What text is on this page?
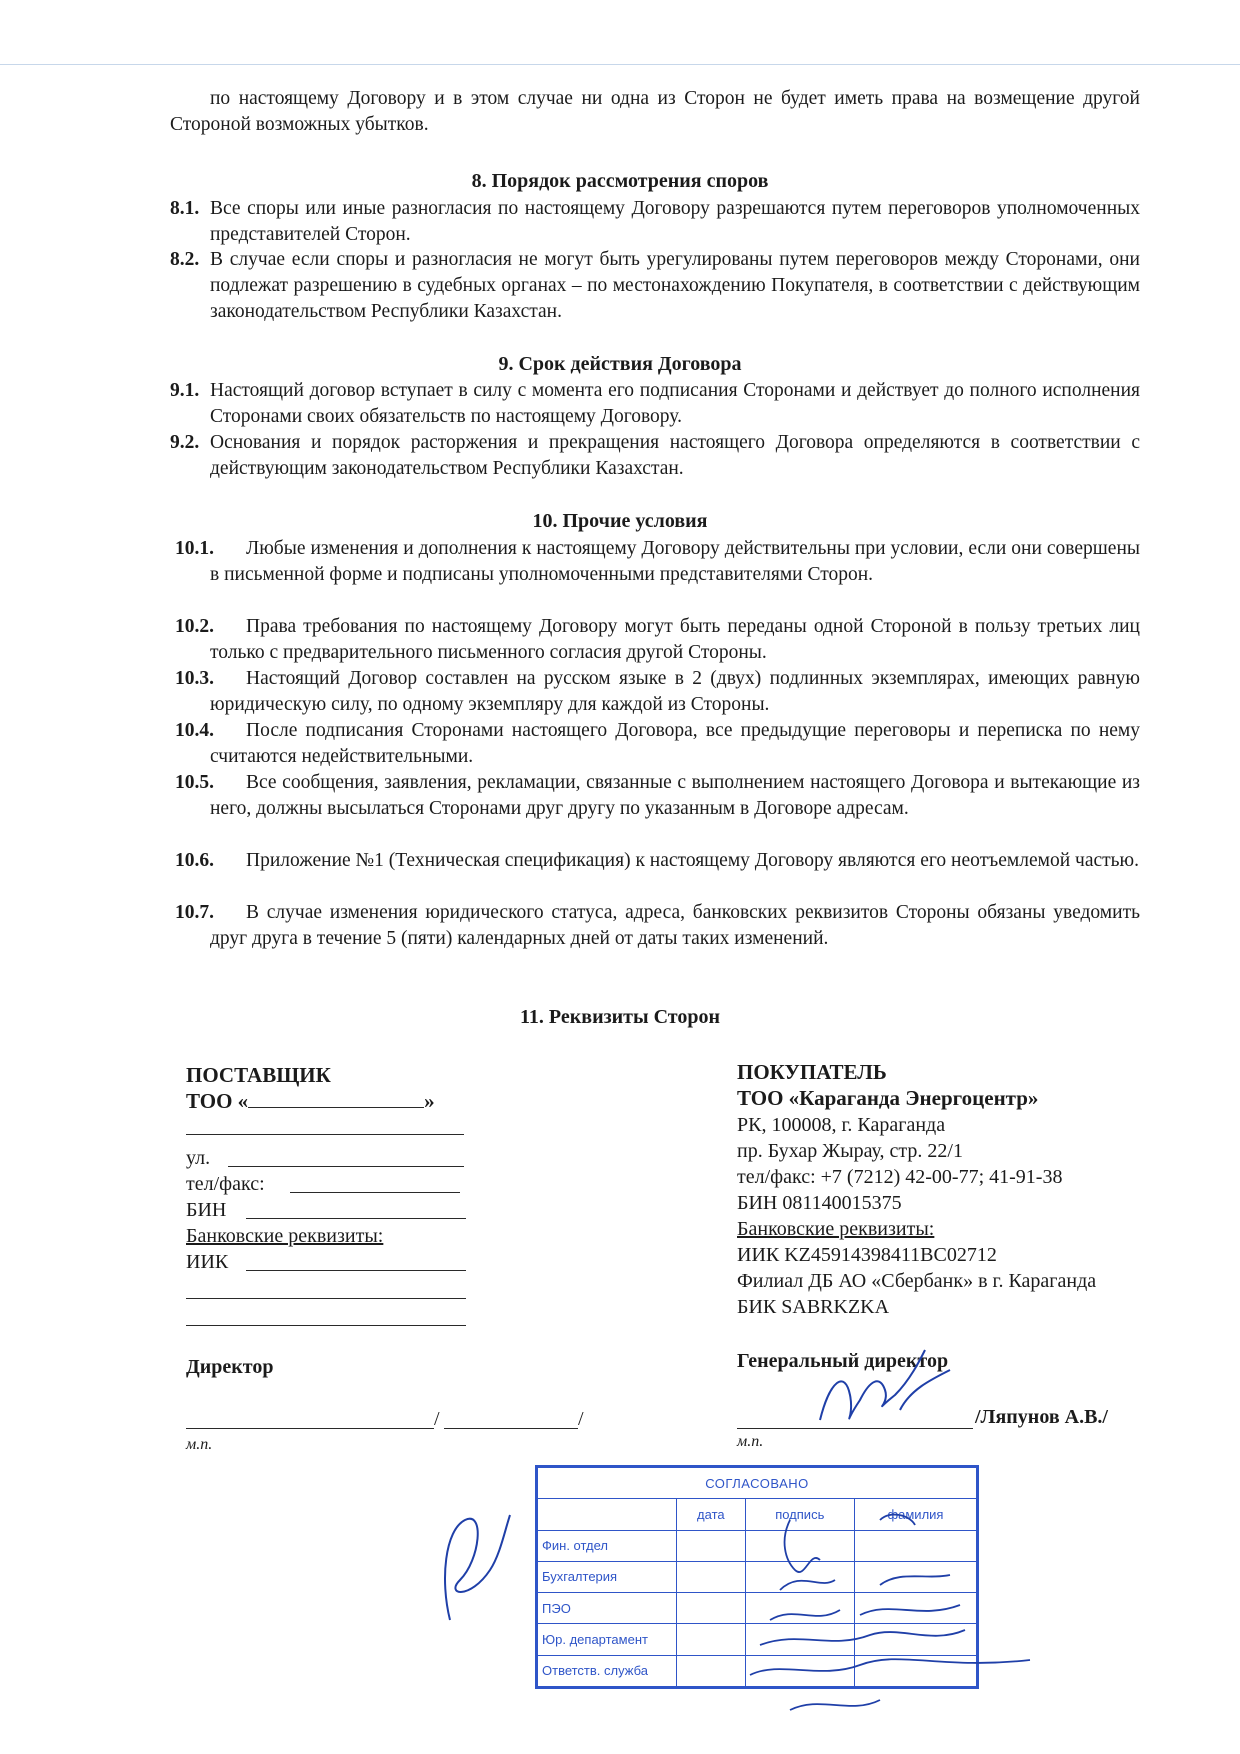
по настоящему Договору и в этом случае ни одна из Сторон не будет иметь права на возмещение другой Стороной возможных убытков.
8. Порядок рассмотрения споров
8.1. Все споры или иные разногласия по настоящему Договору разрешаются путем переговоров уполномоченных представителей Сторон.
8.2. В случае если споры и разногласия не могут быть урегулированы путем переговоров между Сторонами, они подлежат разрешению в судебных органах – по местонахождению Покупателя, в соответствии с действующим законодательством Республики Казахстан.
9. Срок действия Договора
9.1. Настоящий договор вступает в силу с момента его подписания Сторонами и действует до полного исполнения Сторонами своих обязательств по настоящему Договору.
9.2. Основания и порядок расторжения и прекращения настоящего Договора определяются в соответствии с действующим законодательством Республики Казахстан.
10. Прочие условия
10.1.	Любые изменения и дополнения к настоящему Договору действительны при условии, если они совершены в письменной форме и подписаны уполномоченными представителями Сторон.
10.2.	Права требования по настоящему Договору могут быть переданы одной Стороной в пользу третьих лиц только с предварительного письменного согласия другой Стороны.
10.3.	Настоящий Договор составлен на русском языке в 2 (двух) подлинных экземплярах, имеющих равную юридическую силу, по одному экземпляру для каждой из Стороны.
10.4.	После подписания Сторонами настоящего Договора, все предыдущие переговоры и переписка по нему считаются недействительными.
10.5.	Все сообщения, заявления, рекламации, связанные с выполнением настоящего Договора и вытекающие из него, должны высылаться Сторонами друг другу по указанным в Договоре адресам.
10.6.	Приложение №1 (Техническая спецификация) к настоящему Договору являются его неотъемлемой частью.
10.7.	В случае изменения юридического статуса, адреса, банковских реквизитов Стороны обязаны уведомить друг друга в течение 5 (пяти) календарных дней от даты таких изменений.
11. Реквизиты Сторон
ПОСТАВЩИК
ТОО «	»
ул.
тел/факс:
БИН
Банковские реквизиты:
ИИК
Директор
/	/
м.п.
ПОКУПАТЕЛЬ
ТОО «Караганда Энергоцентр»
РК, 100008, г. Караганда
пр. Бухар Жырау, стр. 22/1
тел/факс: +7 (7212) 42-00-77; 41-91-38
БИН 081140015375
Банковские реквизиты:
ИИК KZ459143984​11BC02712
Филиал ДБ АО «Сбербанк» в г. Караганда
БИК SABRKZKA
Генеральный директор
/Ляпунов А.В./
м.п.
СОГЛАСОВАНО			
	дата	подпись	фамилия
Фин. отдел			
Бухгалтерия			
ПЭО			
Юр. департамент			
Ответств. служба			
